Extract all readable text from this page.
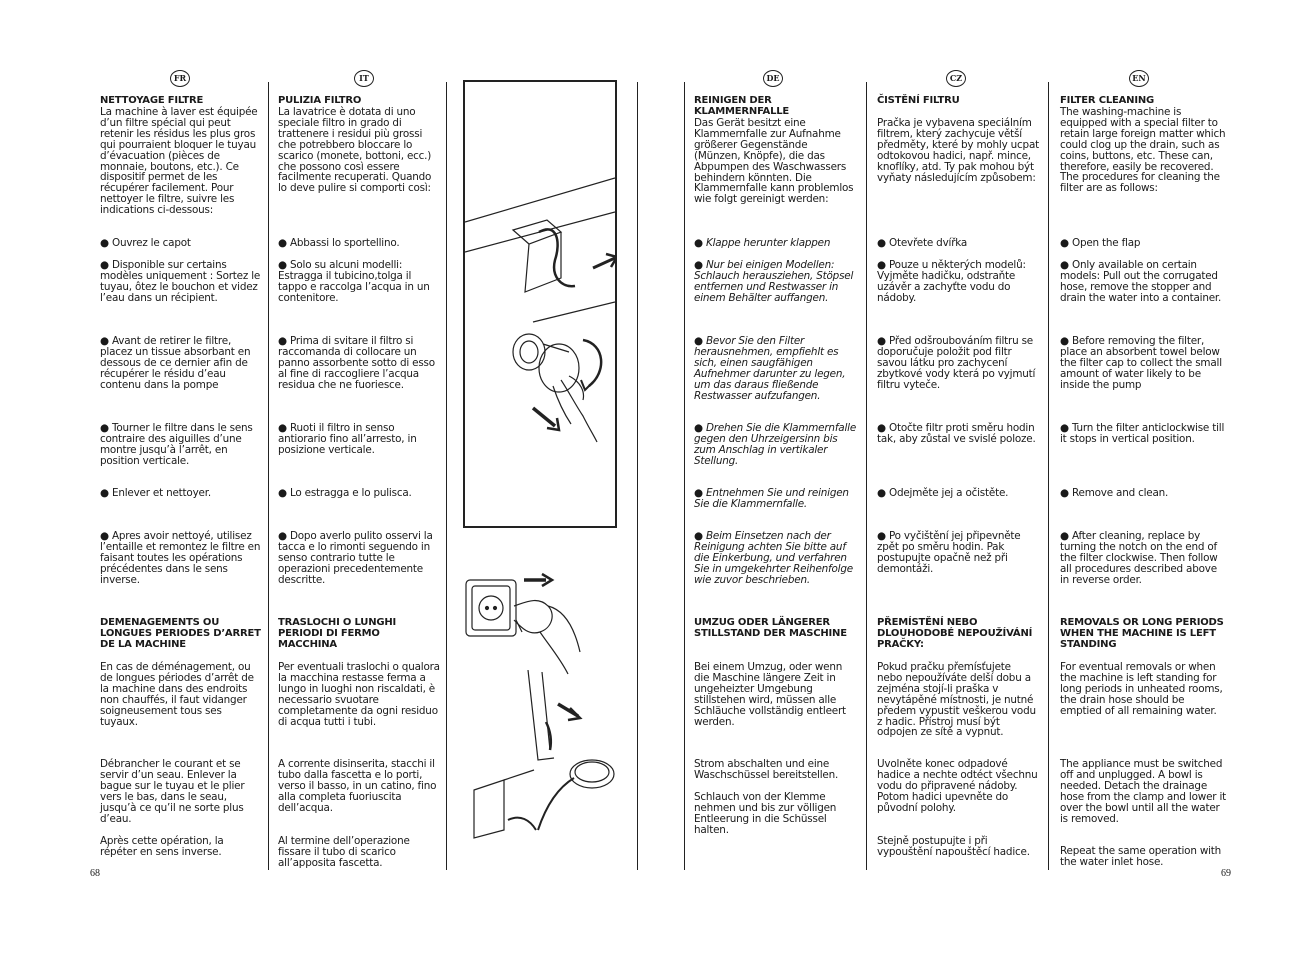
FR	IT	DE	CZ	EN

NETTOYAGE FILTRE

La machine à laver est équipée d’un filtre spécial qui peut retenir les résidus les plus gros qui pourraient bloquer le tuyau d’évacuation (pièces de monnaie, boutons, etc.). Ce dispositif permet de les récupérer facilement. Pour nettoyer le filtre, suivre les indications ci-dessous:

● Ouvrez le capot

● Disponible sur certains modèles uniquement : Sortez le tuyau, ôtez le bouchon et videz l’eau dans un récipient.

● Avant de retirer le filtre, placez un tissue absorbant en dessous de ce dernier afin de récupérer le résidu d’eau contenu dans la pompe

● Tourner le filtre dans le sens contraire des aiguilles d’une montre jusqu’à l’arrêt, en position verticale.

● Enlever et nettoyer.

● Apres avoir nettoyé, utilisez l’entaille et remontez le filtre en faisant toutes les opérations précédentes dans le sens inverse.

DEMENAGEMENTS OU LONGUES PERIODES D’ARRET DE LA MACHINE

En cas de déménagement, ou de longues périodes d’arrêt de la machine dans des endroits non chauffés, il faut vidanger soigneusement tous ses tuyaux.

Débrancher le courant et se servir d’un seau. Enlever la bague sur le tuyau et le plier vers le bas, dans le seau, jusqu’à ce qu’il ne sorte plus d’eau.

Après cette opération, la répéter en sens inverse.

PULIZIA FILTRO

La lavatrice è dotata di uno speciale filtro in grado di trattenere i residui più grossi che potrebbero bloccare lo scarico (monete, bottoni, ecc.) che possono così essere facilmente recuperati. Quando lo deve pulire si comporti così:

● Abbassi lo sportellino.

● Solo su alcuni modelli: Estragga il tubicino,tolga il tappo e raccolga l’acqua in un contenitore.

● Prima di svitare il filtro si raccomanda di collocare un panno assorbente sotto di esso al fine di raccogliere l’acqua residua che ne fuoriesce.

● Ruoti il filtro in senso antiorario fino all’arresto, in posizione verticale.

● Lo estragga e lo pulisca.

● Dopo averlo pulito osservi la tacca e lo rimonti seguendo in senso contrario tutte le operazioni precedentemente descritte.

TRASLOCHI O LUNGHI PERIODI DI FERMO MACCHINA

Per eventuali traslochi o qualora la macchina restasse ferma a lungo in luoghi non riscaldati, è necessario svuotare completamente da ogni residuo di acqua tutti i tubi.

A corrente disinserita, stacchi il tubo dalla fascetta e lo porti, verso il basso, in un catino, fino alla completa fuoriuscita dell’acqua.

Al termine dell’operazione fissare il tubo di scarico all’apposita fascetta.

REINIGEN DER KLAMMERNFALLE

Das Gerät besitzt eine Klammernfalle zur Aufnahme größerer Gegenstände (Münzen, Knöpfe), die das Abpumpen des Waschwassers behindern könnten. Die Klammernfalle kann problemlos wie folgt gereinigt werden:

● Klappe herunter klappen

● Nur bei einigen Modellen: Schlauch herausziehen, Stöpsel entfernen und Restwasser in einem Behälter auffangen.

● Bevor Sie den Filter herausnehmen, empfiehlt es sich, einen saugfähigen Aufnehmer darunter zu legen, um das daraus fließende Restwasser aufzufangen.

● Drehen Sie die Klammernfalle gegen den Uhrzeigersinn bis zum Anschlag in vertikaler Stellung.

● Entnehmen Sie und reinigen Sie die Klammernfalle.

● Beim Einsetzen nach der Reinigung achten Sie bitte auf die Einkerbung, und verfahren Sie in umgekehrter Reihenfolge wie zuvor beschrieben.

UMZUG ODER LÄNGERER STILLSTAND DER MASCHINE

Bei einem Umzug, oder wenn die Maschine längere Zeit in ungeheizter Umgebung stillstehen wird, müssen alle Schläuche vollständig entleert werden.

Strom abschalten und eine Waschschüssel bereitstellen.

Schlauch von der Klemme nehmen und bis zur völligen Entleerung in die Schüssel halten.

ČISTĚNÍ FILTRU

Pračka je vybavena speciálním filtrem, který zachycuje větší předměty, které by mohly ucpat odtokovou hadici, např. mince, knoflíky, atd. Ty pak mohou být vyňaty následujícím způsobem:

● Otevřete dvířka

● Pouze u některých modelů: Vyjměte hadičku, odstraňte uzávěr a zachyťte vodu do nádoby.

● Před odšroubováním filtru se doporučuje položit pod filtr savou látku pro zachycení zbytkové vody která po vyjmutí filtru vyteče.

● Otočte filtr proti směru hodin tak, aby zůstal ve svislé poloze.

● Odejměte jej a očistěte.

● Po vyčištění jej připevněte zpět po směru hodin. Pak postupujte opačně než při demontáži.

PŘEMÍSTĚNÍ NEBO DLOUHODOBÉ NEPOUŽÍVÁNÍ PRAČKY:

Pokud pračku přemísťujete nebo nepoužíváte delší dobu a zejména stojí-li praška v nevytápěné místnosti, je nutné předem vypustit veškerou vodu z hadic. Přístroj musí být odpojen ze sítě a vypnut.

Uvolněte konec odpadové hadice a nechte odtéct všechnu vodu do připravené nádoby. Potom hadici upevněte do původní polohy.

Stejně postupujte i při vypouštění napouštěcí hadice.

FILTER CLEANING

The washing-machine is equipped with a special filter to retain large foreign matter which could clog up the drain, such as coins, buttons, etc. These can, therefore, easily be recovered. The procedures for cleaning the filter are as follows:

● Open the flap

● Only available on certain models: Pull out the corrugated hose, remove the stopper and drain the water into a container.

● Before removing the filter, place an absorbent towel below the filter cap to collect the small amount of water likely to be inside the pump

● Turn the filter anticlockwise till it stops in vertical position.

● Remove and clean.

● After cleaning, replace by turning the notch on the end of the filter clockwise. Then follow all procedures described above in reverse order.

REMOVALS OR LONG PERIODS WHEN THE MACHINE IS LEFT STANDING

For eventual removals or when the machine is left standing for long periods in unheated rooms, the drain hose should be emptied of all remaining water.

The appliance must be switched off and unplugged. A bowl is needed. Detach the drainage hose from the clamp and lower it over the bowl until all the water is removed.

Repeat the same operation with the water inlet hose.

68	69
